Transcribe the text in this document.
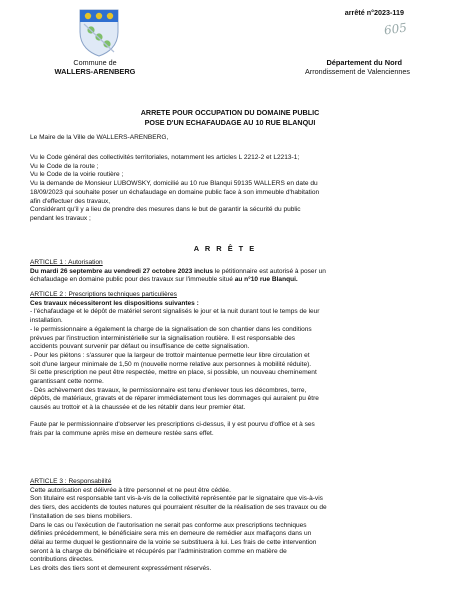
Commune de
WALLERS-ARENBERG
arrêté n°2023-119
605
Département du Nord
Arrondissement de Valenciennes
ARRETE POUR OCCUPATION DU DOMAINE PUBLIC
POSE D'UN ECHAFAUDAGE AU 10 RUE BLANQUI

Le Maire de la Ville de WALLERS-ARENBERG,

Vu le Code général des collectivités territoriales, notamment les articles L 2212-2 et L2213-1;

Vu le Code de la route ;

Vu le Code de la voirie routière ;

Vu la demande de Monsieur LUBOWSKY, domicilié au 10 rue Blanqui 59135 WALLERS en date du

18/09/2023 qui souhaite poser un échafaudage en domaine public face à son immeuble d'habitation

afin d'effectuer des travaux,

Considérant qu'il y a lieu de prendre des mesures dans le but de garantir la sécurité du public

pendant les travaux ;

A R R Ê T E

ARTICLE 1 : Autorisation

Du mardi 26 septembre au vendredi 27 octobre 2023 inclus le pétitionnaire est autorisé à poser un

échafaudage en domaine public pour des travaux sur l'immeuble situé au n°10 rue Blanqui.

ARTICLE 2 : Prescriptions techniques particulières

Ces travaux nécessiteront les dispositions suivantes :

- l'échafaudage et le dépôt de matériel seront signalisés le jour et la nuit durant tout le temps de leur

installation.

- le permissionnaire a également la charge de la signalisation de son chantier dans les conditions

prévues par l'instruction interministérielle sur la signalisation routière. Il est responsable des

accidents pouvant survenir par défaut ou insuffisance de cette signalisation.

- Pour les piétons : s'assurer que la largeur de trottoir maintenue permette leur libre circulation et

soit d'une largeur minimale de 1,50 m (nouvelle norme relative aux personnes à mobilité réduite).

Si cette prescription ne peut être respectée, mettre en place, si possible, un nouveau cheminement

garantissant cette norme.

- Dès achèvement des travaux, le permissionnaire est tenu d'enlever tous les décombres, terre,

dépôts, de matériaux, gravats et de réparer immédiatement tous les dommages qui auraient pu être

causés au trottoir et à la chaussée et de les rétablir dans leur premier état.

Faute par le permissionnaire d'observer les prescriptions ci-dessus, il y est pourvu d'office et à ses

frais par la commune après mise en demeure restée sans effet.

ARTICLE 3 : Responsabilité

Cette autorisation est délivrée à titre personnel et ne peut être cédée.

Son titulaire est responsable tant vis-à-vis de la collectivité représentée par le signataire que vis-à-vis

des tiers, des accidents de toutes natures qui pourraient résulter de la réalisation de ses travaux ou de

l'installation de ses biens mobiliers.

Dans le cas ou l'exécution de l'autorisation ne serait pas conforme aux prescriptions techniques

définies précédemment, le bénéficiaire sera mis en demeure de remédier aux malfaçons dans un

délai au terme duquel le gestionnaire de la voirie se substituera à lui. Les frais de cette intervention

seront à la charge du bénéficiaire et récupérés par l'administration comme en matière de

contributions directes.

Les droits des tiers sont et demeurent expressément réservés.
